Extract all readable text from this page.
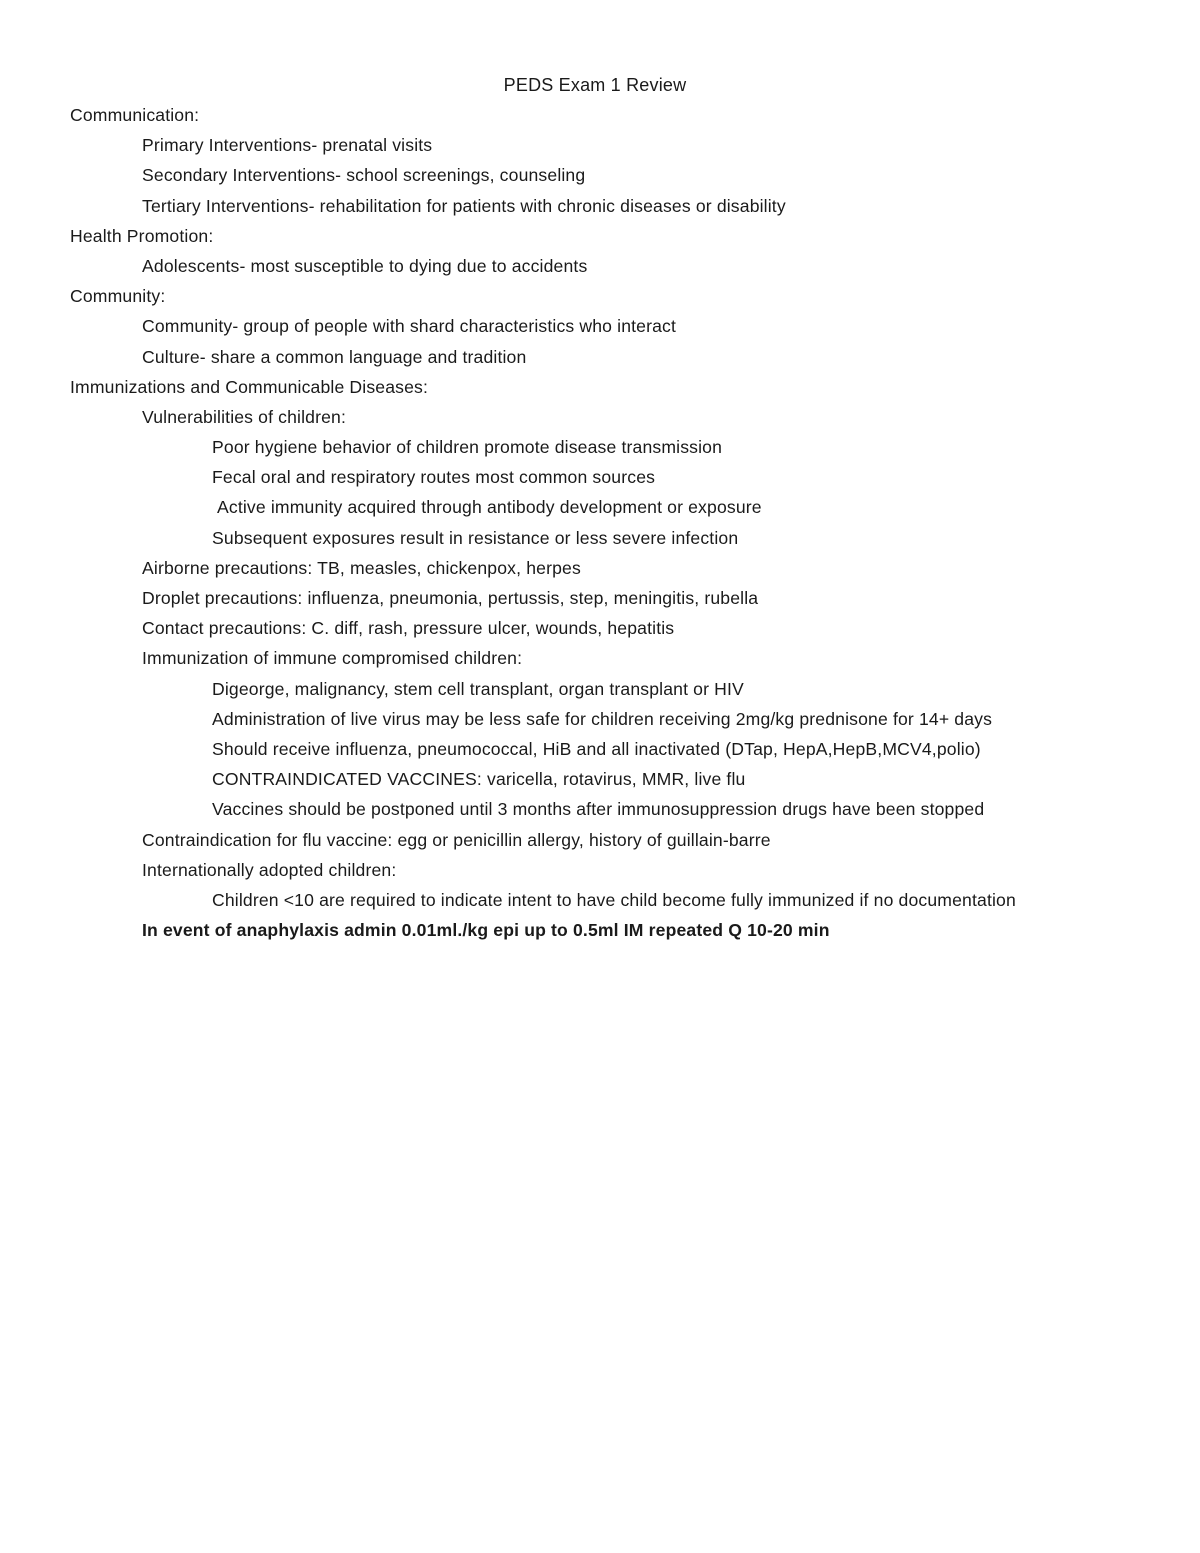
PEDS Exam 1 Review
Communication:
Primary Interventions- prenatal visits
Secondary Interventions- school screenings, counseling
Tertiary Interventions- rehabilitation for patients with chronic diseases or disability
Health Promotion:
Adolescents- most susceptible to dying due to accidents
Community:
Community- group of people with shard characteristics who interact
Culture- share a common language and tradition
Immunizations and Communicable Diseases:
Vulnerabilities of children:
Poor hygiene behavior of children promote disease transmission
Fecal oral and respiratory routes most common sources
Active immunity acquired through antibody development or exposure
Subsequent exposures result in resistance or less severe infection
Airborne precautions: TB, measles, chickenpox, herpes
Droplet precautions: influenza, pneumonia, pertussis, step, meningitis, rubella
Contact precautions: C. diff, rash, pressure ulcer, wounds, hepatitis
Immunization of immune compromised children:
Digeorge, malignancy, stem cell transplant, organ transplant or HIV
Administration of live virus may be less safe for children receiving 2mg/kg prednisone for 14+ days
Should receive influenza, pneumococcal, HiB and all inactivated (DTap, HepA,HepB,MCV4,polio)
CONTRAINDICATED VACCINES: varicella, rotavirus, MMR, live flu
Vaccines should be postponed until 3 months after immunosuppression drugs have been stopped
Contraindication for flu vaccine: egg or penicillin allergy, history of guillain-barre
Internationally adopted children:
Children <10 are required to indicate intent to have child become fully immunized if no documentation
In event of anaphylaxis admin 0.01ml./kg epi up to 0.5ml IM repeated Q 10-20 min
